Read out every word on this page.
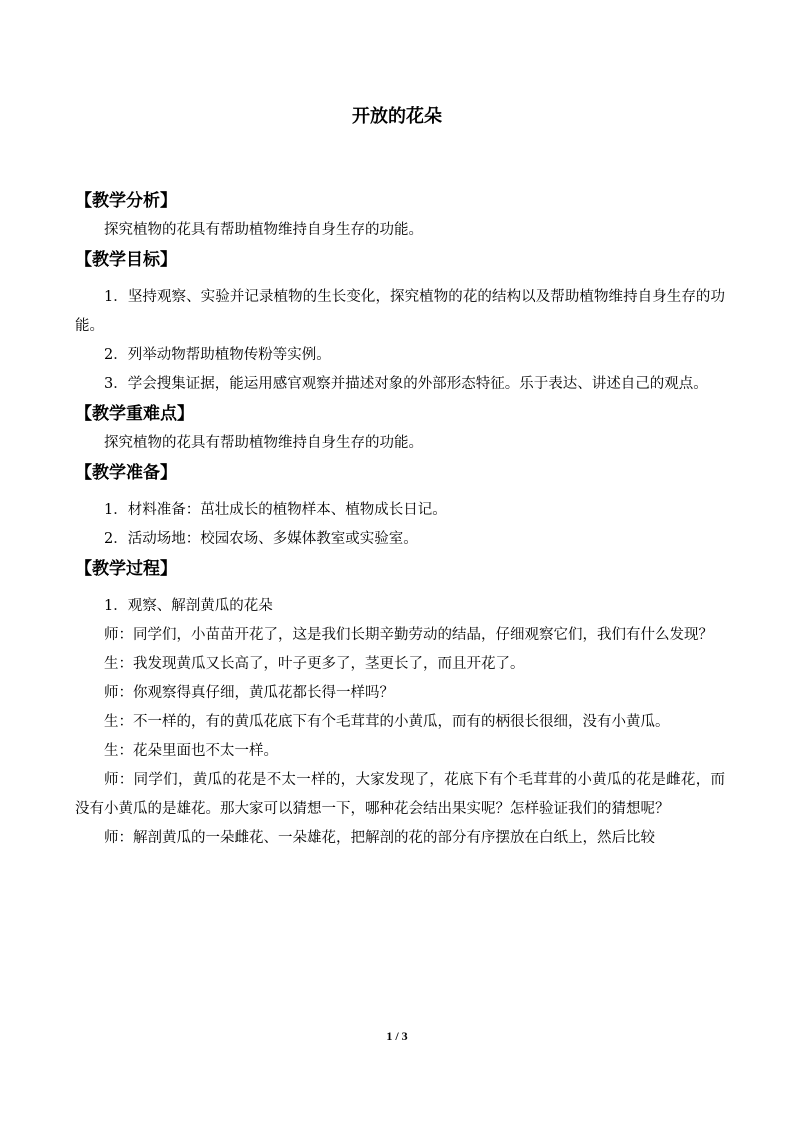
开放的花朵
【教学分析】

探究植物的花具有帮助植物维持自身生存的功能。

【教学目标】

1．坚持观察、实验并记录植物的生长变化，探究植物的花的结构以及帮助植物维持自身生存的功能。

2．列举动物帮助植物传粉等实例。

3．学会搜集证据，能运用感官观察并描述对象的外部形态特征。乐于表达、讲述自己的观点。

【教学重难点】

探究植物的花具有帮助植物维持自身生存的功能。

【教学准备】

1．材料准备：茁壮成长的植物样本、植物成长日记。

2．活动场地：校园农场、多媒体教室或实验室。

【教学过程】

1．观察、解剖黄瓜的花朵

师：同学们，小苗苗开花了，这是我们长期辛勤劳动的结晶，仔细观察它们，我们有什么发现？

生：我发现黄瓜又长高了，叶子更多了，茎更长了，而且开花了。

师：你观察得真仔细，黄瓜花都长得一样吗？

生：不一样的，有的黄瓜花底下有个毛茸茸的小黄瓜，而有的柄很长很细，没有小黄瓜。

生：花朵里面也不太一样。

师：同学们，黄瓜的花是不太一样的，大家发现了，花底下有个毛茸茸的小黄瓜的花是雌花，而没有小黄瓜的是雄花。那大家可以猜想一下，哪种花会结出果实呢？怎样验证我们的猜想呢？

师：解剖黄瓜的一朵雌花、一朵雄花，把解剖的花的部分有序摆放在白纸上，然后比较

1 / 3
